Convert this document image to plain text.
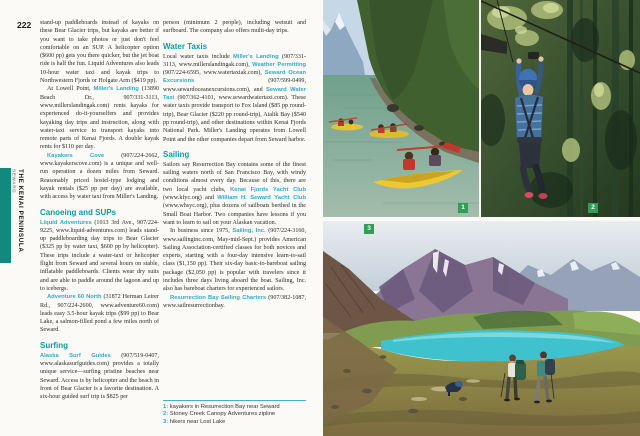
222
THE KENAI PENINSULA
SEWARD

stand-up paddleboards instead of kayaks on these Bear Glacier trips, but kayaks are better if you want to take photos or just don't feel comfortable on an SUP. A helicopter option ($600 pp) gets you there quicker, but the jet boat ride is half the fun. Liquid Adventures also leads 10-hour water taxi and kayak trips to Northwestern Fjords or Holgate Arm ($419 pp).

At Lowell Point, Miller's Landing (13890 Beach Dr., 907/331-3113, www.millerslandingak.com) rents kayaks for experienced do-it-yourselfers and provides kayaking day trips and instruction, along with water-taxi service to transport kayaks into remote parts of Kenai Fjords. A double kayak rents for $110 per day.

Kayakers Cove (907/224-2662, www.kayakerscove.com) is a unique and well-run operation a dozen miles from Seward. Reasonably priced hostel-type lodging and kayak rentals ($25 pp per day) are available, with access by water taxi from Miller's Landing.

Canoeing and SUPs

Liquid Adventures (1013 3rd Ave., 907/224-9225, www.liquid-adventures.com) leads stand-up paddleboarding day trips to Bear Glacier ($325 pp by water taxi, $600 pp by helicopter). These trips include a water-taxi or helicopter flight from Seward and several hours on stable, inflatable paddleboards. Clients wear dry suits and are able to paddle around the lagoon and up to icebergs.

Adventure 60 North (31872 Herman Leirer Rd., 907/224-2600, www.adventure60.com) leads easy 3.5-hour kayak trips ($99 pp) to Bear Lake, a salmon-filled pond a few miles north of Seward.

Surfing

Alaska Surf Guides (907/519-0407, www.alaskasurfguides.com) provides a totally unique service—surfing pristine beaches near Seward. Access is by helicopter and the beach in front of Bear Glacier is a favorite destination. A six-hour guided surf trip is $825 per

person (minimum 2 people), including wetsuit and surfboard. The company also offers multi-day trips.

Water Taxis

Local water taxis include Miller's Landing (907/331-3113, www.millerslandingak.com), Weather Permitting (907/224-6595, www.watertaxiak.com), Seward Ocean Excursions (907/599-0499, www.sewardoceanexcursions.com), and Seward Water Taxi (907/362-4101, www.sewardwatertaxi.com). These water taxis provide transport to Fox Island ($85 pp round-trip), Bear Glacier ($220 pp round-trip), Aialik Bay ($540 pp round-trip), and other destinations within Kenai Fjords National Park. Miller's Landing operates from Lowell Point and the other companies depart from Seward harbor.

Sailing

Sailors say Resurrection Bay contains some of the finest sailing waters north of San Francisco Bay, with windy conditions almost every day. Because of this, there are two local yacht clubs, Kenai Fjords Yacht Club (www.kfyc.org) and William H. Seward Yacht Club (www.whsyc.org), plus dozens of sailboats berthed in the Small Boat Harbor. Two companies have lessons if you want to learn to sail on your Alaskan vacation.

In business since 1975, Sailing, Inc. (907/224-3160, www.sailinginc.com, May-mid-Sept.) provides American Sailing Association-certified classes for both novices and experts, starting with a four-day intensive learn-to-sail class ($1,150 pp). Their six-day basic-to-bareboat sailing package ($2,050 pp) is popular with travelers since it includes three days living aboard the boat. Sailing, Inc. also has bareboat charters for experienced sailors.

Resurrection Bay Sailing Charters (907/382-1087, www.sailresurrectionbay.

1: kayakers in Resurrection Bay near Seward
2: Stoney Creek Canopy Adventures zipline
3: hikers near Lost Lake
1	2
3
